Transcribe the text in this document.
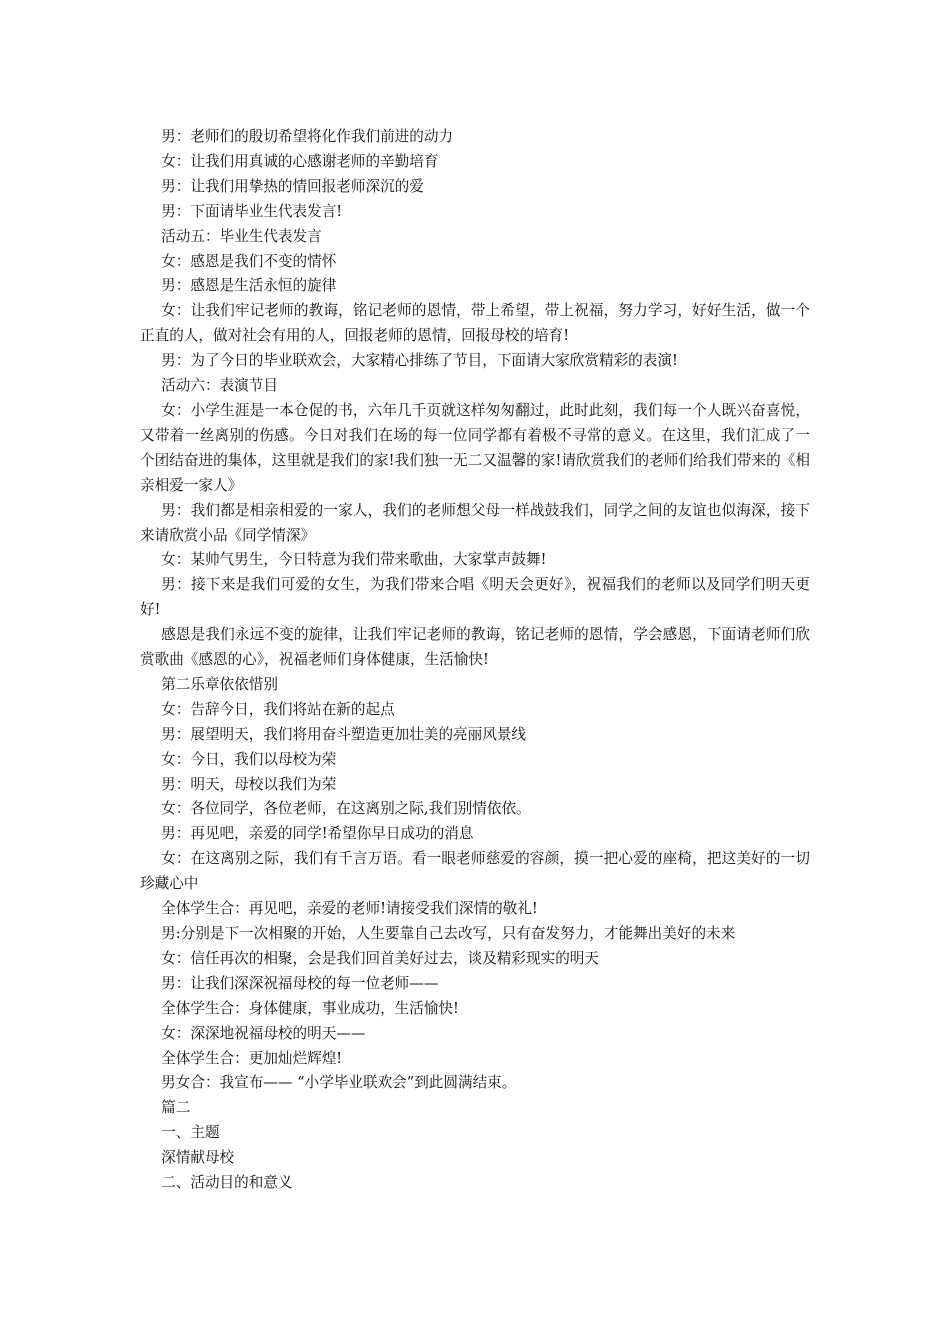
男：老师们的殷切希望将化作我们前进的动力

女：让我们用真诚的心感谢老师的辛勤培育

男：让我们用挚热的情回报老师深沉的爱

男：下面请毕业生代表发言!

活动五：毕业生代表发言

女：感恩是我们不变的情怀

男：感恩是生活永恒的旋律

女：让我们牢记老师的教诲，铭记老师的恩情，带上希望，带上祝福，努力学习，好好生活，做一个正直的人，做对社会有用的人，回报老师的恩情，回报母校的培育!

男：为了今日的毕业联欢会，大家精心排练了节目，下面请大家欣赏精彩的表演!

活动六：表演节目

女：小学生涯是一本仓促的书，六年几千页就这样匆匆翻过，此时此刻，我们每一个人既兴奋喜悦，又带着一丝离别的伤感。今日对我们在场的每一位同学都有着极不寻常的意义。在这里，我们汇成了一个团结奋进的集体，这里就是我们的家!我们独一无二又温馨的家!请欣赏我们的老师们给我们带来的《相亲相爱一家人》

男：我们都是相亲相爱的一家人，我们的老师想父母一样战鼓我们，同学之间的友谊也似海深，接下来请欣赏小品《同学情深》

女：某帅气男生，今日特意为我们带来歌曲，大家掌声鼓舞!

男：接下来是我们可爱的女生，为我们带来合唱《明天会更好》，祝福我们的老师以及同学们明天更好!

感恩是我们永远不变的旋律，让我们牢记老师的教诲，铭记老师的恩情，学会感恩，下面请老师们欣赏歌曲《感恩的心》，祝福老师们身体健康，生活愉快!

第二乐章依依惜别

女：告辞今日，我们将站在新的起点

男：展望明天，我们将用奋斗塑造更加壮美的亮丽风景线

女：今日，我们以母校为荣

男：明天，母校以我们为荣

女：各位同学，各位老师，在这离别之际,我们别情依依。

男：再见吧，亲爱的同学!希望你早日成功的消息

女：在这离别之际，我们有千言万语。看一眼老师慈爱的容颜，摸一把心爱的座椅，把这美好的一切珍藏心中

全体学生合：再见吧，亲爱的老师!请接受我们深情的敬礼!

男:分别是下一次相聚的开始，人生要靠自己去改写，只有奋发努力，才能舞出美好的未来

女：信任再次的相聚，会是我们回首美好过去，谈及精彩现实的明天

男：让我们深深祝福母校的每一位老师——

全体学生合：身体健康，事业成功，生活愉快!

女：深深地祝福母校的明天——

全体学生合：更加灿烂辉煌!

男女合：我宣布—— “小学毕业联欢会”到此圆满结束。

篇二

一、主题

深情献母校

二、活动目的和意义
